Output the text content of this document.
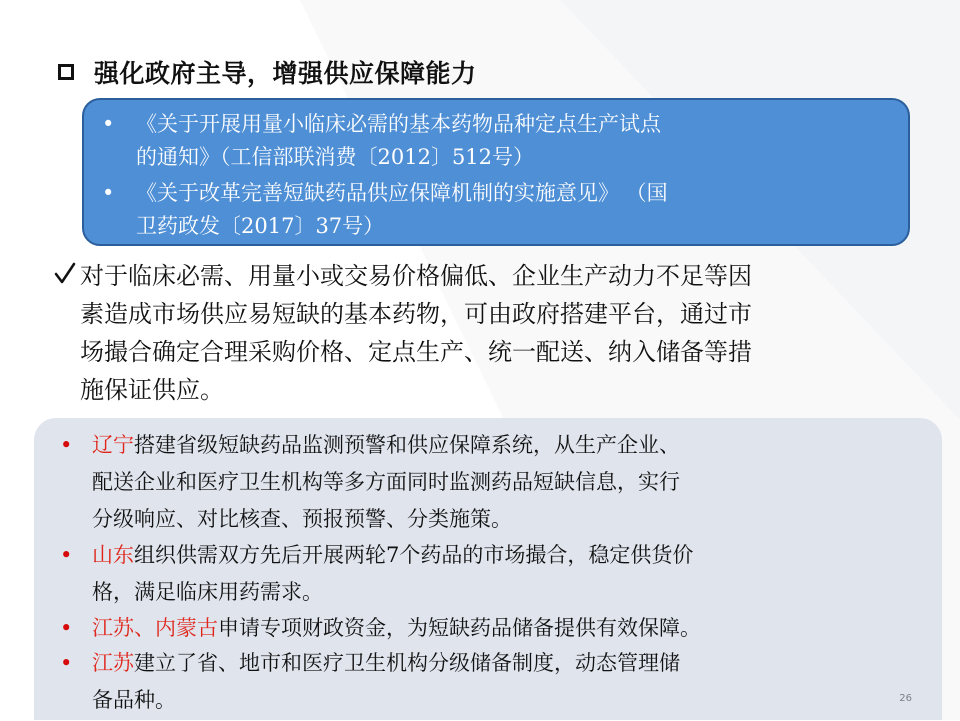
强化政府主导，增强供应保障能力
• 《关于开展用量小临床必需的基本药物品种定点生产试点
的通知》（工信部联消费〔2012〕512号）
• 《关于改革完善短缺药品供应保障机制的实施意见》 （国
卫药政发〔2017〕37号）
对于临床必需、用量小或交易价格偏低、企业生产动力不足等因
素造成市场供应易短缺的基本药物，可由政府搭建平台，通过市
场撮合确定合理采购价格、定点生产、统一配送、纳入储备等措
施保证供应。
• 辽宁搭建省级短缺药品监测预警和供应保障系统，从生产企业、
配送企业和医疗卫生机构等多方面同时监测药品短缺信息，实行
分级响应、对比核查、预报预警、分类施策。
• 山东组织供需双方先后开展两轮7个药品的市场撮合，稳定供货价
格，满足临床用药需求。
• 江苏、内蒙古申请专项财政资金，为短缺药品储备提供有效保障。
• 江苏建立了省、地市和医疗卫生机构分级储备制度，动态管理储
备品种。	26
